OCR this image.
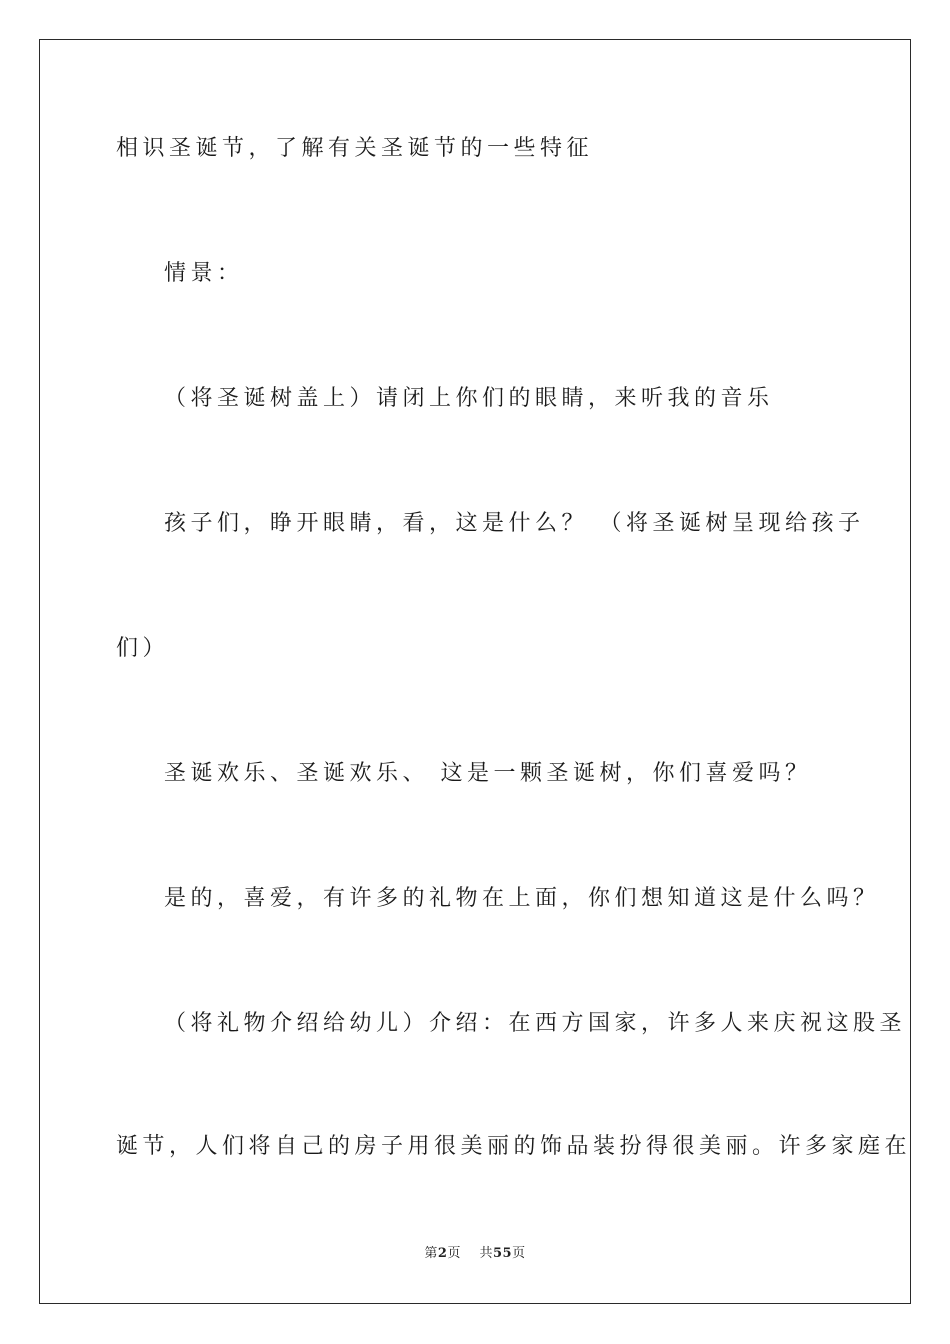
相识圣诞节，了解有关圣诞节的一些特征
情景：
（将圣诞树盖上）请闭上你们的眼睛，来听我的音乐
孩子们，睁开眼睛，看，这是什么？ （将圣诞树呈现给孩子
们）
圣诞欢乐、圣诞欢乐、 这是一颗圣诞树，你们喜爱吗？
是的，喜爱，有许多的礼物在上面，你们想知道这是什么吗？
（将礼物介绍给幼儿）介绍：在西方国家，许多人来庆祝这股圣
诞节，人们将自己的房子用很美丽的饰品装扮得很美丽。许多家庭在
第2页 共55页
